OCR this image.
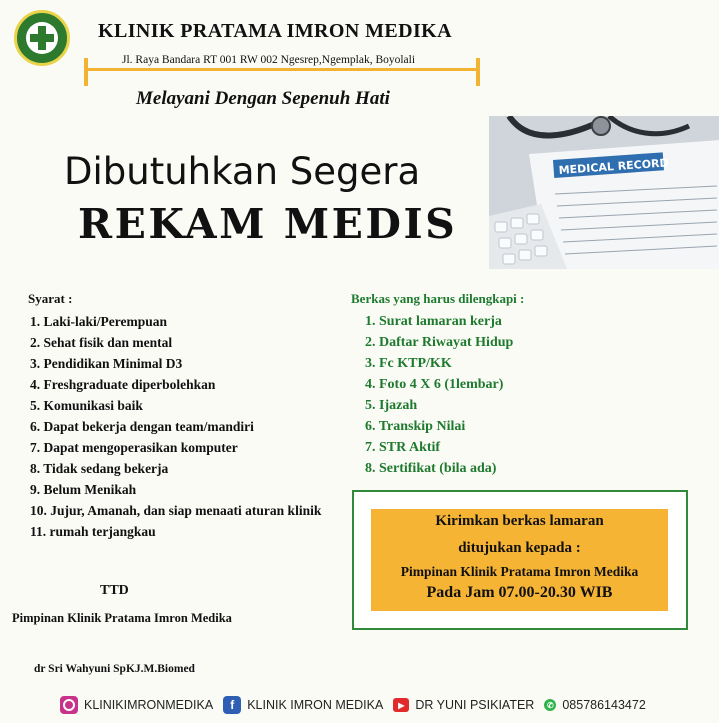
KLINIK PRATAMA IMRON MEDIKA
Jl. Raya Bandara RT 001 RW 002 Ngesrep,Ngemplak, Boyolali
Melayani Dengan Sepenuh Hati
Dibutuhkan Segera
REKAM MEDIS
MEDICAL RECORD
Syarat :
1. Laki-laki/Perempuan
2. Sehat fisik dan mental
3. Pendidikan Minimal D3
4. Freshgraduate diperbolehkan
5. Komunikasi baik
6. Dapat bekerja dengan team/mandiri
7. Dapat mengoperasikan komputer
8. Tidak sedang bekerja
9. Belum Menikah
10. Jujur, Amanah, dan siap menaati aturan klinik
11. rumah terjangkau
Berkas yang harus dilengkapi :
1. Surat lamaran kerja
2. Daftar Riwayat Hidup
3. Fc KTP/KK
4. Foto 4 X 6 (1lembar)
5. Ijazah
6. Transkip Nilai
7. STR Aktif
8. Sertifikat (bila ada)
Kirimkan berkas lamaran
ditujukan kepada :
Pimpinan Klinik Pratama Imron Medika
Pada Jam 07.00-20.30 WIB
TTD
Pimpinan Klinik Pratama Imron Medika
dr Sri Wahyuni SpKJ.M.Biomed
KLINIKIMRONMEDIKA	f	KLINIK IMRON MEDIKA	▶ DR YUNI PSIKIATER	✆ 085786143472
